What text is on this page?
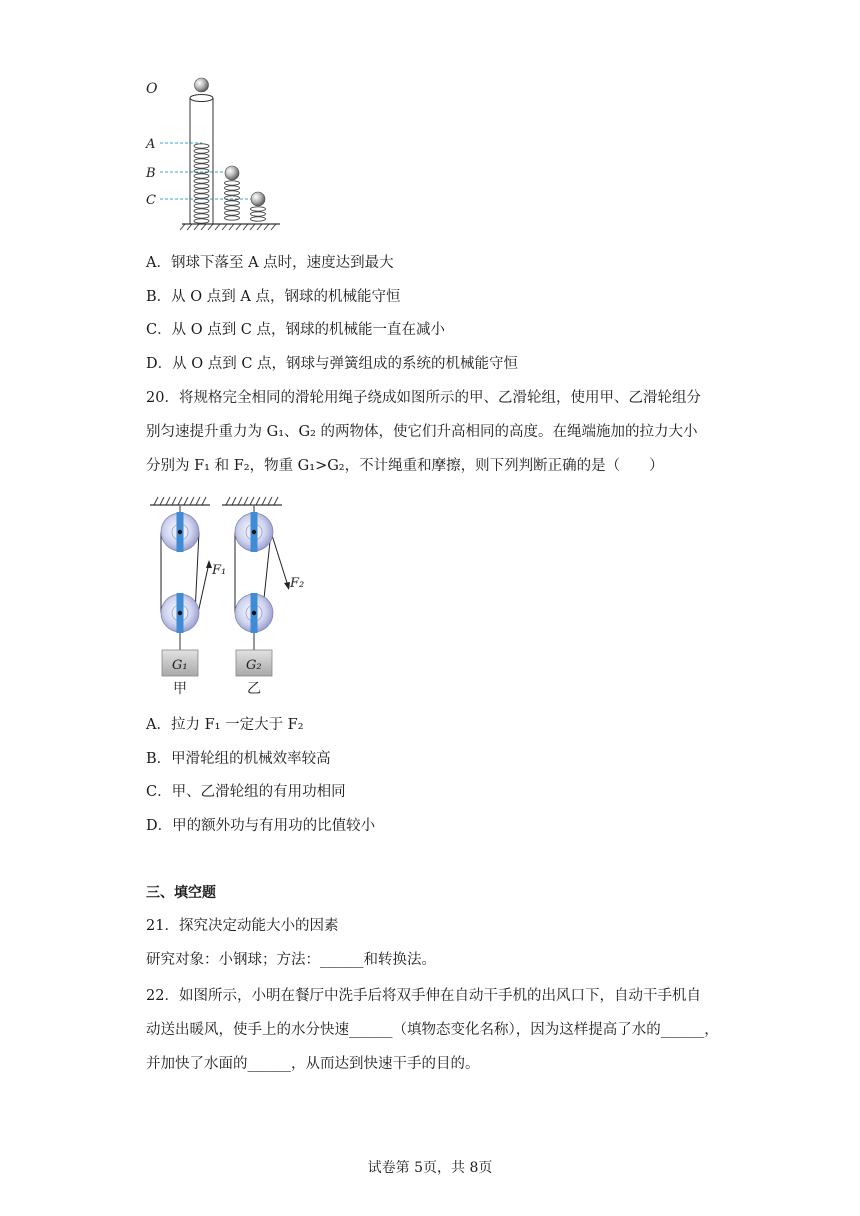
O
A
B
C
A．钢球下落至 A 点时，速度达到最大
B．从 O 点到 A 点，钢球的机械能守恒
C．从 O 点到 C 点，钢球的机械能一直在减小
D．从 O 点到 C 点，钢球与弹簧组成的系统的机械能守恒
20．将规格完全相同的滑轮用绳子绕成如图所示的甲、乙滑轮组，使用甲、乙滑轮组分
别匀速提升重力为 G₁、G₂ 的两物体，使它们升高相同的高度。在绳端施加的拉力大小
分别为 F₁ 和 F₂，物重 G₁>G₂，不计绳重和摩擦，则下列判断正确的是（　　）
G₁
F₁
甲
G₂
F₂
乙
A．拉力 F₁ 一定大于 F₂
B．甲滑轮组的机械效率较高
C．甲、乙滑轮组的有用功相同
D．甲的额外功与有用功的比值较小
三、填空题
21．探究决定动能大小的因素
研究对象：小钢球；方法：______和转换法。
22．如图所示，小明在餐厅中洗手后将双手伸在自动干手机的出风口下，自动干手机自
动送出暖风，使手上的水分快速______（填物态变化名称），因为这样提高了水的______，
并加快了水面的______，从而达到快速干手的目的。
试卷第 5页，共 8页
